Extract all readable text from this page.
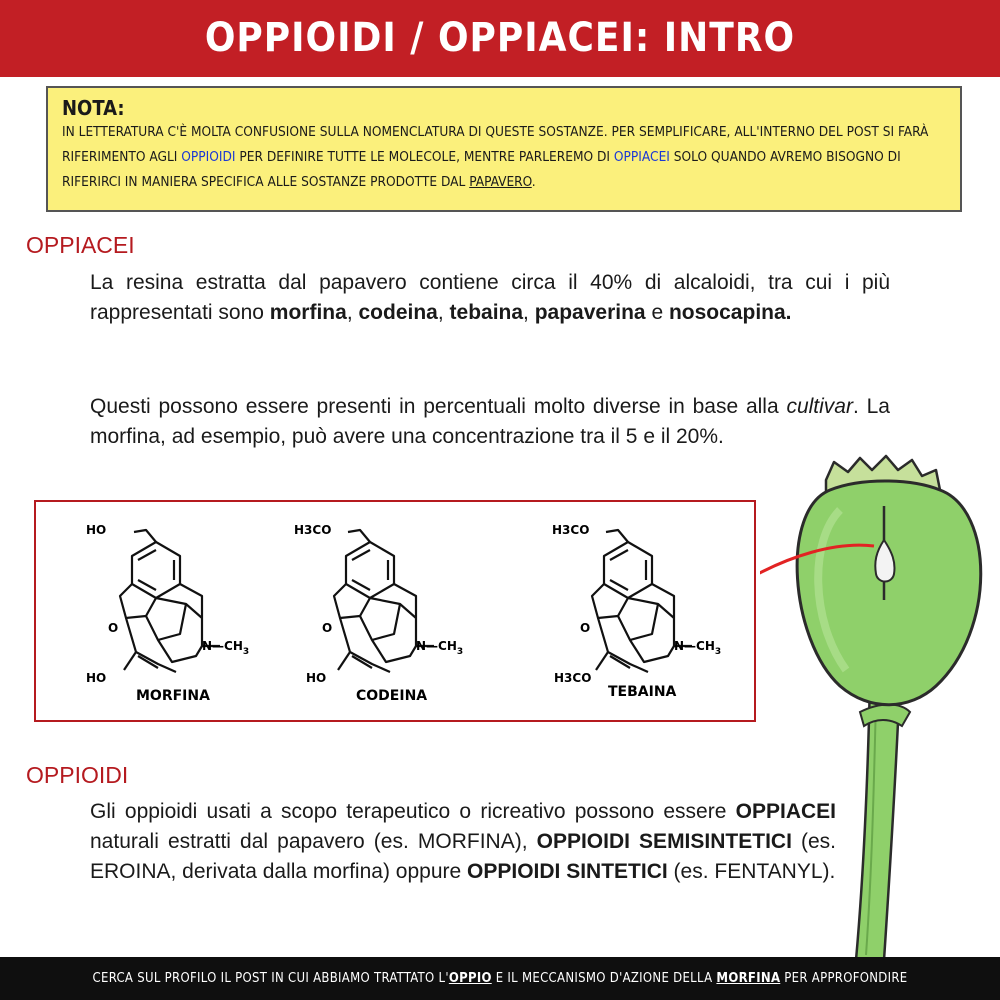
OPPIOIDI / OPPIACEI: INTRO
NOTA:
IN LETTERATURA C'È MOLTA CONFUSIONE SULLA NOMENCLATURA DI QUESTE SOSTANZE. PER SEMPLIFICARE, ALL'INTERNO DEL POST SI FARÀ RIFERIMENTO AGLI OPPIOIDI PER DEFINIRE TUTTE LE MOLECOLE, MENTRE PARLEREMO DI OPPIACEI SOLO QUANDO AVREMO BISOGNO DI RIFERIRCI IN MANIERA SPECIFICA ALLE SOSTANZE PRODOTTE DAL PAPAVERO.
OPPIACEI
La resina estratta dal papavero contiene circa il 40% di alcaloidi, tra cui i più rappresentati sono morfina, codeina, tebaina, papaverina e nosocapina.
Questi possono essere presenti in percentuali molto diverse in base alla cultivar. La morfina, ad esempio, può avere una concentrazione tra il 5 e il 20%.
HO
O
HO
$N—CH_3$
MORFINA
H3CO
O
HO
$N—CH_3$
CODEINA
H3CO
O
H3CO
$N—CH_3$
TEBAINA
OPPIOIDI
Gli oppioidi usati a scopo terapeutico o ricreativo possono essere OPPIACEI naturali estratti dal papavero (es. MORFINA), OPPIOIDI SEMISINTETICI (es. EROINA, derivata dalla morfina) oppure OPPIOIDI SINTETICI (es. FENTANYL).
CERCA SUL PROFILO IL POST IN CUI ABBIAMO TRATTATO L'OPPIO E IL MECCANISMO D'AZIONE DELLA MORFINA PER APPROFONDIRE
